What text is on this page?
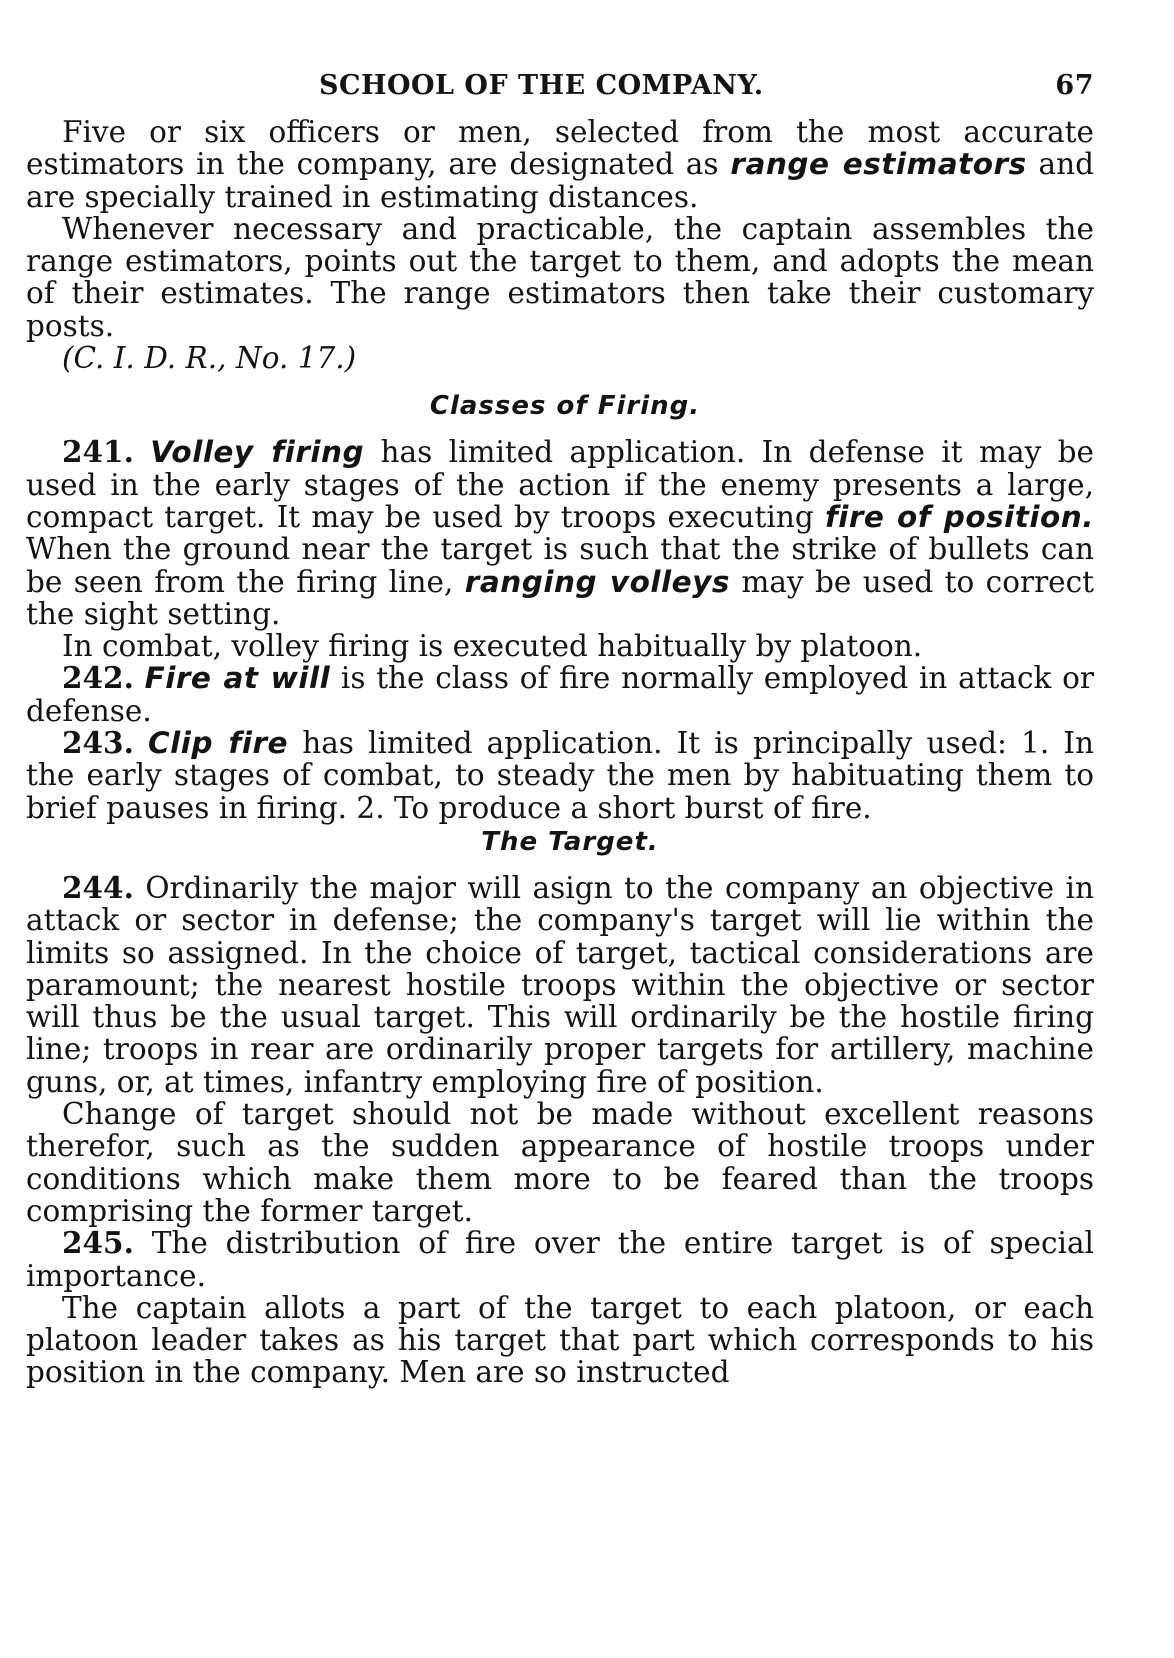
SCHOOL OF THE COMPANY.	67

Five or six officers or men, selected from the most accurate estimators in the company, are designated as range estimators and are specially trained in estimating distances.

Whenever necessary and practicable, the captain assembles the range estimators, points out the target to them, and adopts the mean of their estimates. The range estimators then take their customary posts.

(C. I. D. R., No. 17.)

Classes of Firing.

241. Volley firing has limited application. In defense it may be used in the early stages of the action if the enemy presents a large, compact target. It may be used by troops executing fire of position. When the ground near the target is such that the strike of bullets can be seen from the firing line, ranging volleys may be used to correct the sight setting.

In combat, volley firing is executed habitually by platoon.

242. Fire at will is the class of fire normally employed in attack or defense.

243. Clip fire has limited application. It is principally used: 1. In the early stages of combat, to steady the men by habituating them to brief pauses in firing. 2. To produce a short burst of fire.

The Target.

244. Ordinarily the major will asign to the company an objective in attack or sector in defense; the company's target will lie within the limits so assigned. In the choice of target, tactical considerations are paramount; the nearest hostile troops within the objective or sector will thus be the usual target. This will ordinarily be the hostile firing line; troops in rear are ordinarily proper targets for artillery, machine guns, or, at times, infantry employing fire of position.

Change of target should not be made without excellent reasons therefor, such as the sudden appearance of hostile troops under conditions which make them more to be feared than the troops comprising the former target.

245. The distribution of fire over the entire target is of special importance.

The captain allots a part of the target to each platoon, or each platoon leader takes as his target that part which corresponds to his position in the company. Men are so instructed
